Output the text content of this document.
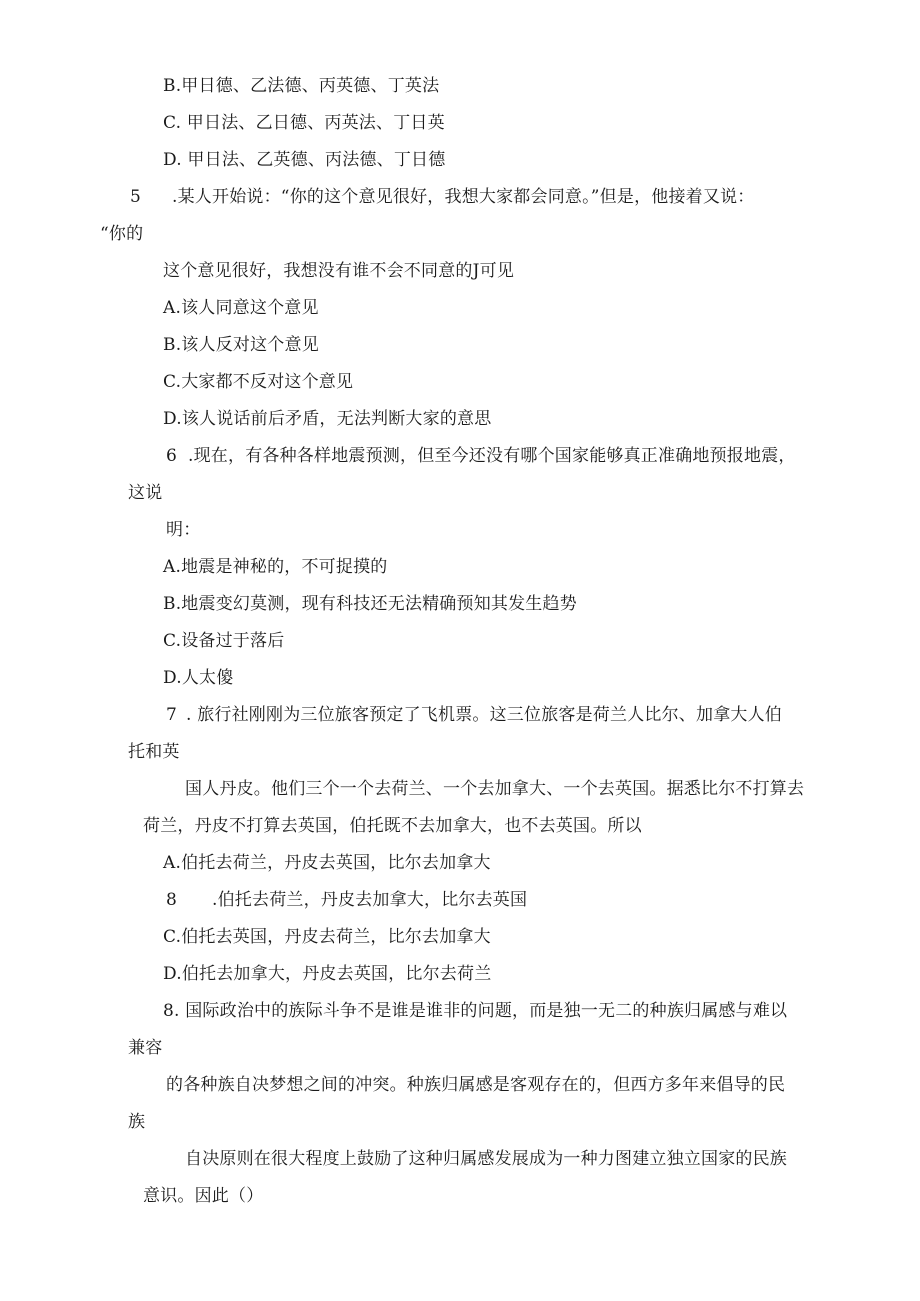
B.甲日德、乙法德、丙英德、丁英法
C. 甲日法、乙日德、丙英法、丁日英
D. 甲日法、乙英德、丙法德、丁日德
5 .某人开始说：“你的这个意见很好，我想大家都会同意。”但是，他接着又说：
“你的
这个意见很好，我想没有谁不会不同意的J可见
A.该人同意这个意见
B.该人反对这个意见
C.大家都不反对这个意见
D.该人说话前后矛盾，无法判断大家的意思
6 .现在，有各种各样地震预测，但至今还没有哪个国家能够真正准确地预报地震，
这说
明：
A.地震是神秘的，不可捉摸的
B.地震变幻莫测，现有科技还无法精确预知其发生趋势
C.设备过于落后
D.人太傻
7 . 旅行社刚刚为三位旅客预定了飞机票。这三位旅客是荷兰人比尔、加拿大人伯
托和英
国人丹皮。他们三个一个去荷兰、一个去加拿大、一个去英国。据悉比尔不打算去
荷兰，丹皮不打算去英国，伯托既不去加拿大，也不去英国。所以
A.伯托去荷兰，丹皮去英国，比尔去加拿大
8 .伯托去荷兰，丹皮去加拿大，比尔去英国
C.伯托去英国，丹皮去荷兰，比尔去加拿大
D.伯托去加拿大，丹皮去英国，比尔去荷兰
8. 国际政治中的族际斗争不是谁是谁非的问题，而是独一无二的种族归属感与难以
兼容
的各种族自决梦想之间的冲突。种族归属感是客观存在的，但西方多年来倡导的民
族
自决原则在很大程度上鼓励了这种归属感发展成为一种力图建立独立国家的民族
意识。因此（）
